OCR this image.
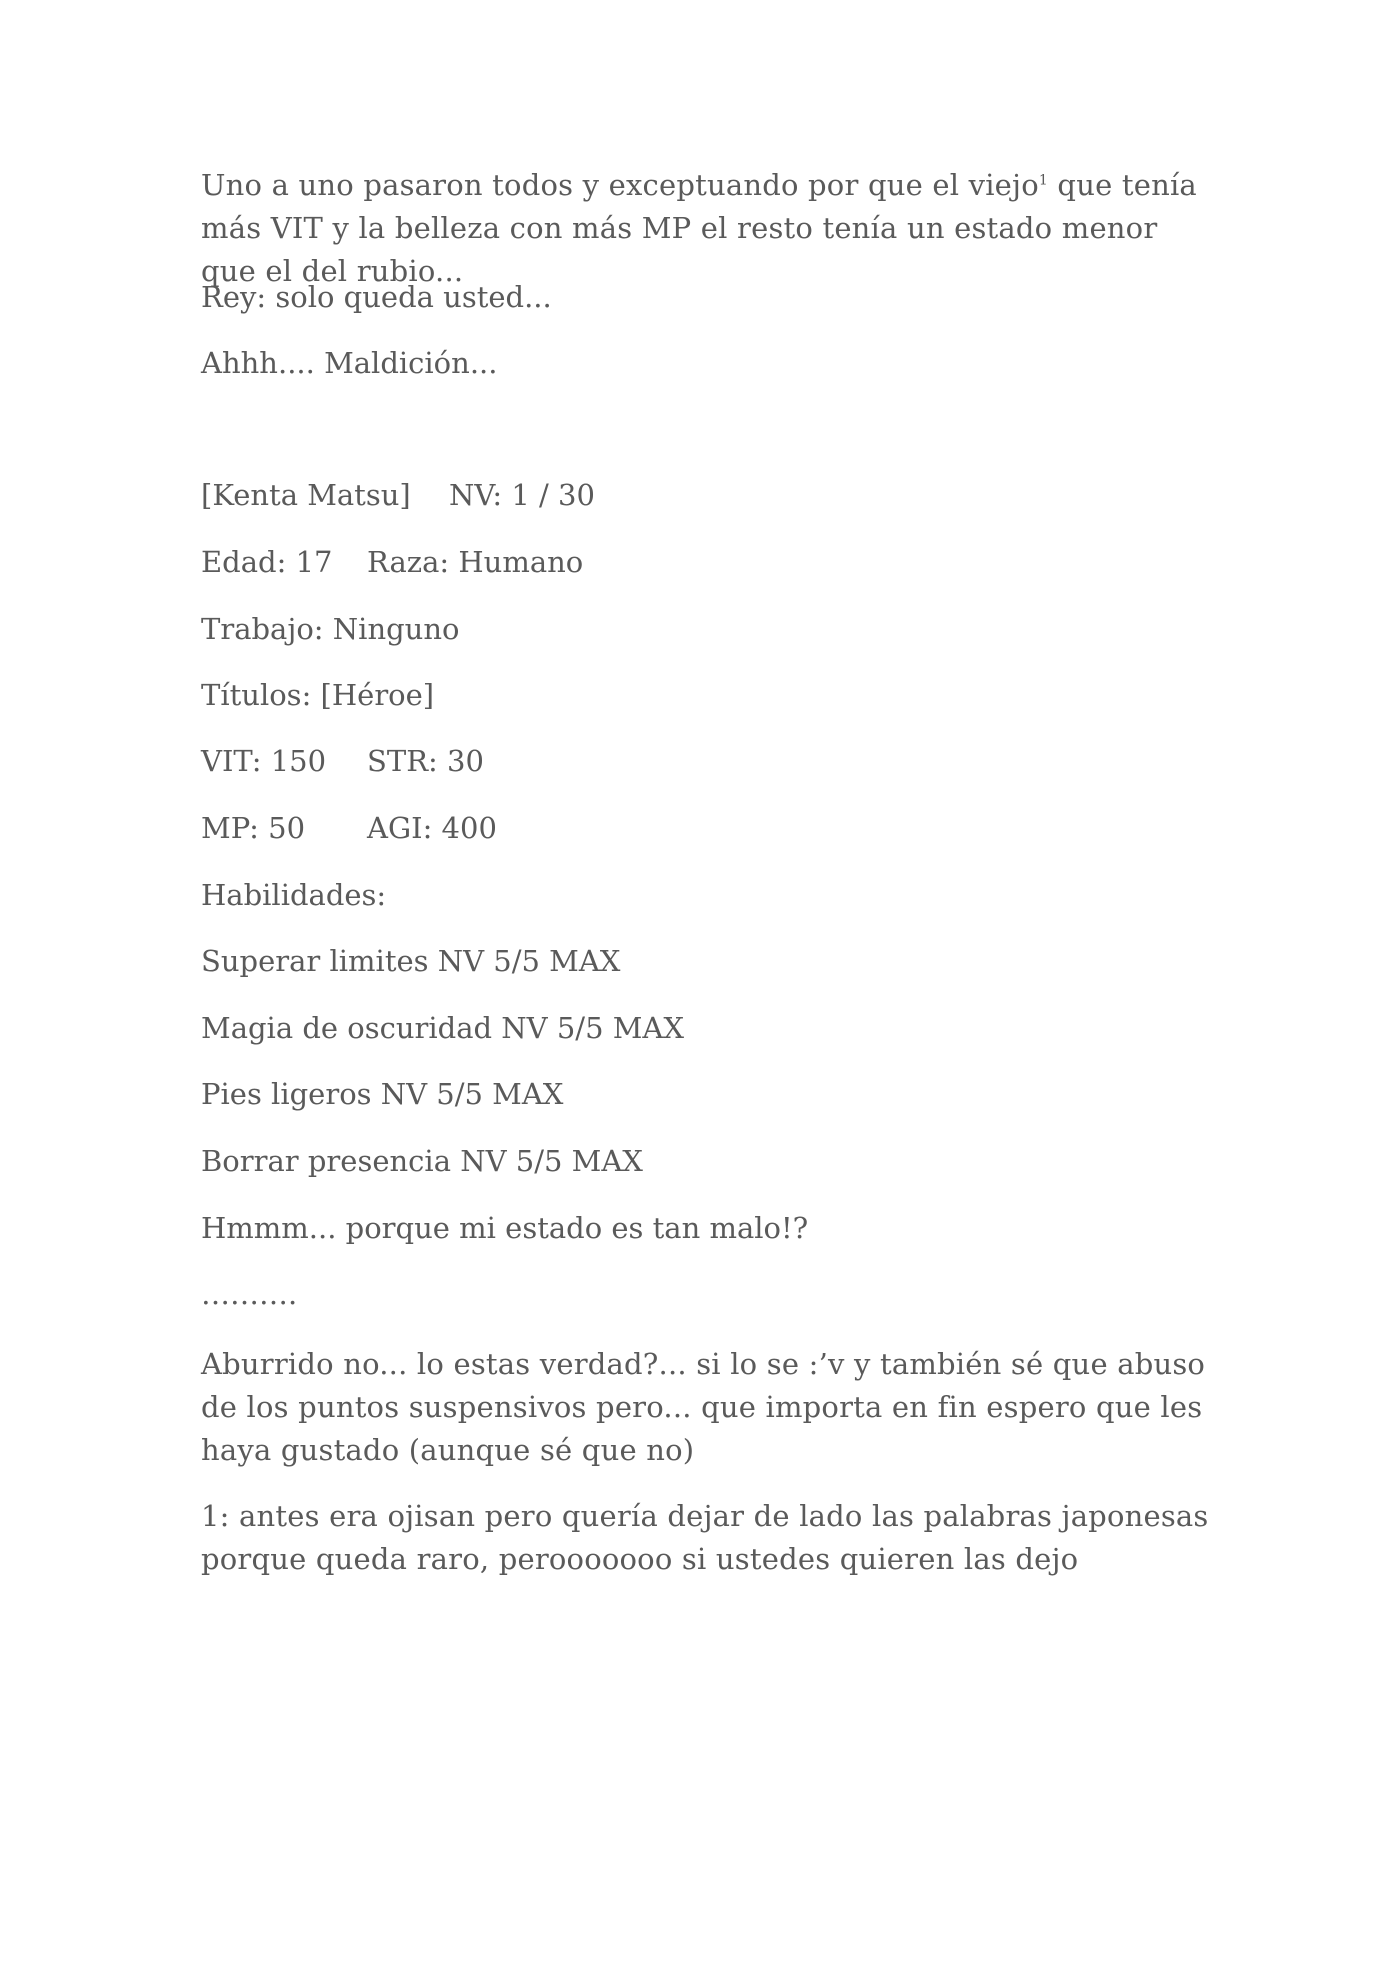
Uno a uno pasaron todos y exceptuando por que el viejo$^1$ que tenía más VIT y la belleza con más MP el resto tenía un estado menor que el del rubio...

Rey: solo queda usted...

Ahhh.... Maldición...

[Kenta Matsu] NV: 1 / 30
Edad: 17 Raza: Humano

Trabajo: Ninguno

Títulos: [Héroe]

VIT: 150 STR: 30
MP: 50 AGI: 400

Habilidades:

Superar limites NV 5/5 MAX

Magia de oscuridad NV 5/5 MAX

Pies ligeros NV 5/5 MAX

Borrar presencia NV 5/5 MAX

Hmmm... porque mi estado es tan malo!?

……….

Aburrido no... lo estas verdad?... si lo se :’v y también sé que abuso de los puntos suspensivos pero... que importa en fin espero que les haya gustado (aunque sé que no)

1: antes era ojisan pero quería dejar de lado las palabras japonesas porque queda raro, perooooooo si ustedes quieren las dejo
